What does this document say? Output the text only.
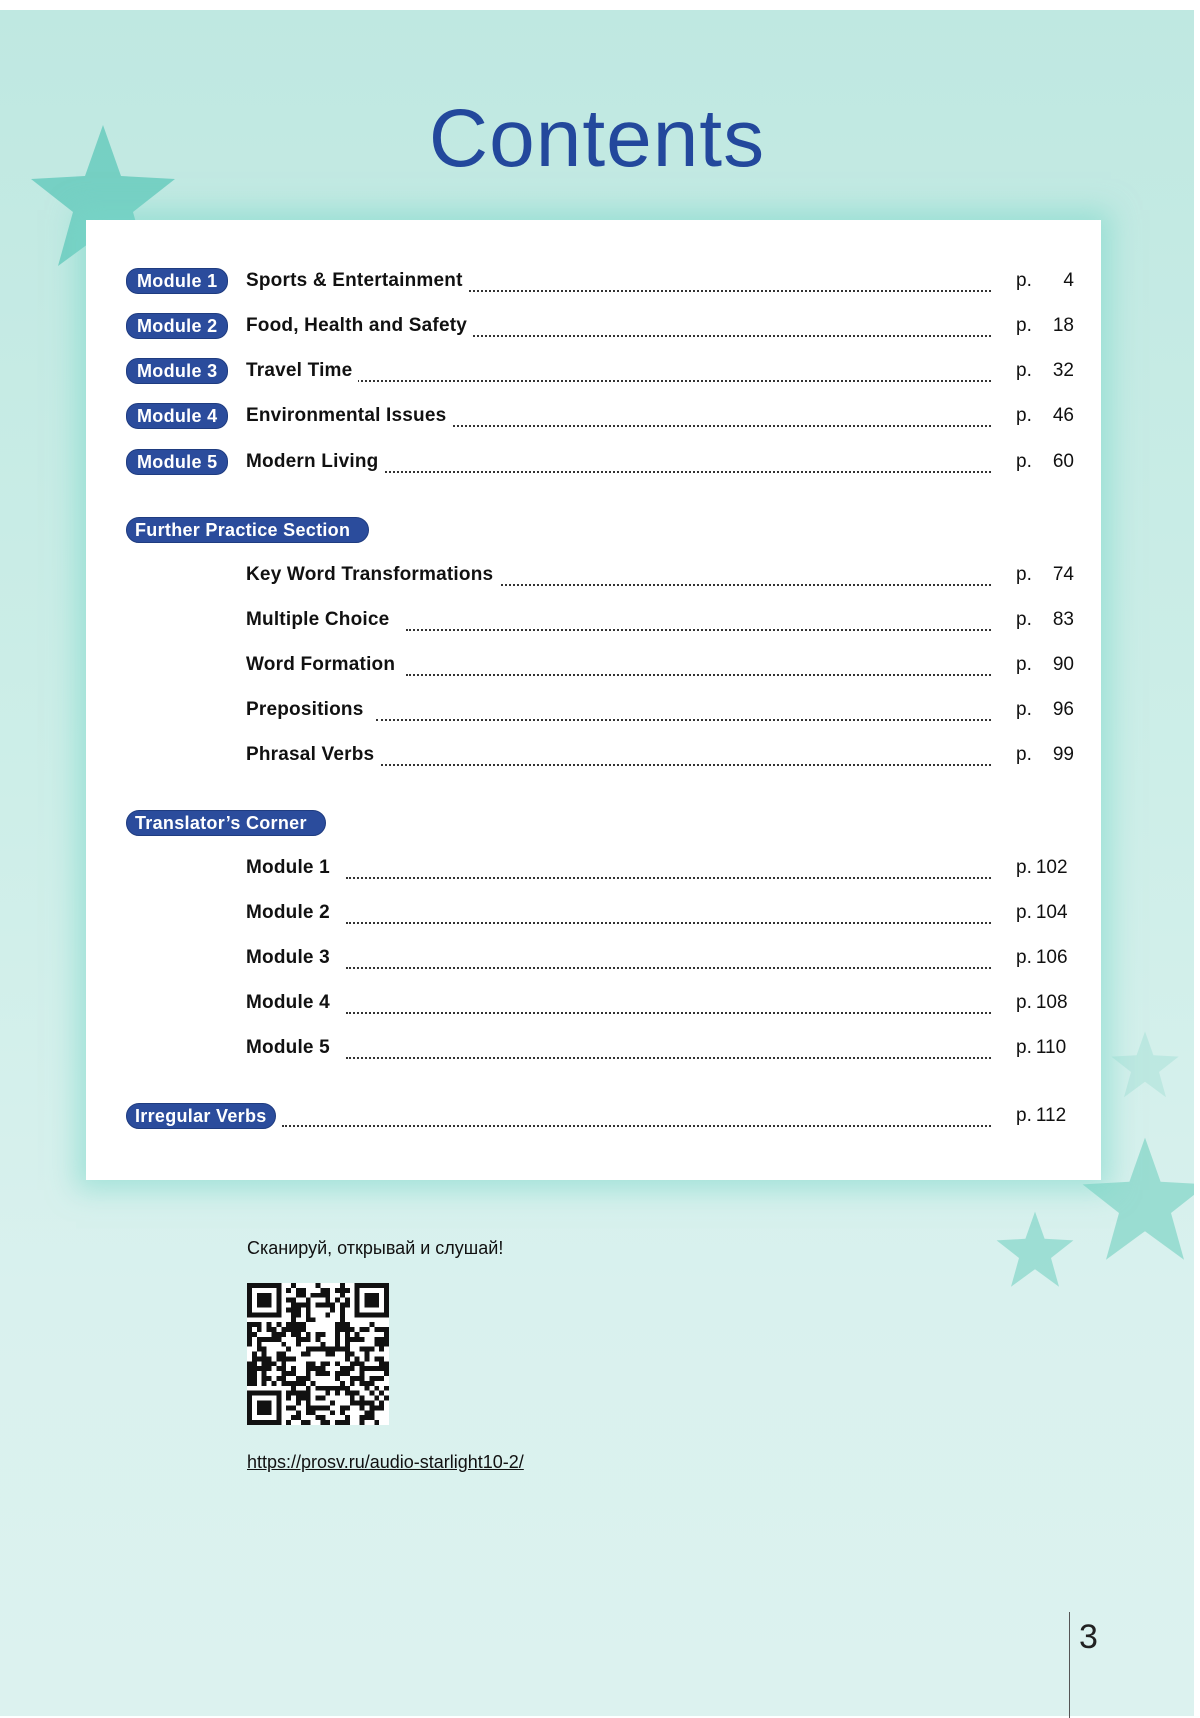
Contents
Module 1	Sports & Entertainment	p. 4
Module 2	Food, Health and Safety	p. 18
Module 3	Travel Time	p. 32
Module 4	Environmental Issues	p. 46
Module 5	Modern Living	p. 60
Further Practice Section
Key Word Transformations	p. 74
Multiple Choice	p. 83
Word Formation	p. 90
Prepositions	p. 96
Phrasal Verbs	p. 99
Translator’s Corner
Module 1	p. 102
Module 2	p. 104
Module 3	p. 106
Module 4	p. 108
Module 5	p. 110
Irregular Verbs	p. 112
Сканируй, открывай и слушай!
https://prosv.ru/audio-starlight10-2/
3
